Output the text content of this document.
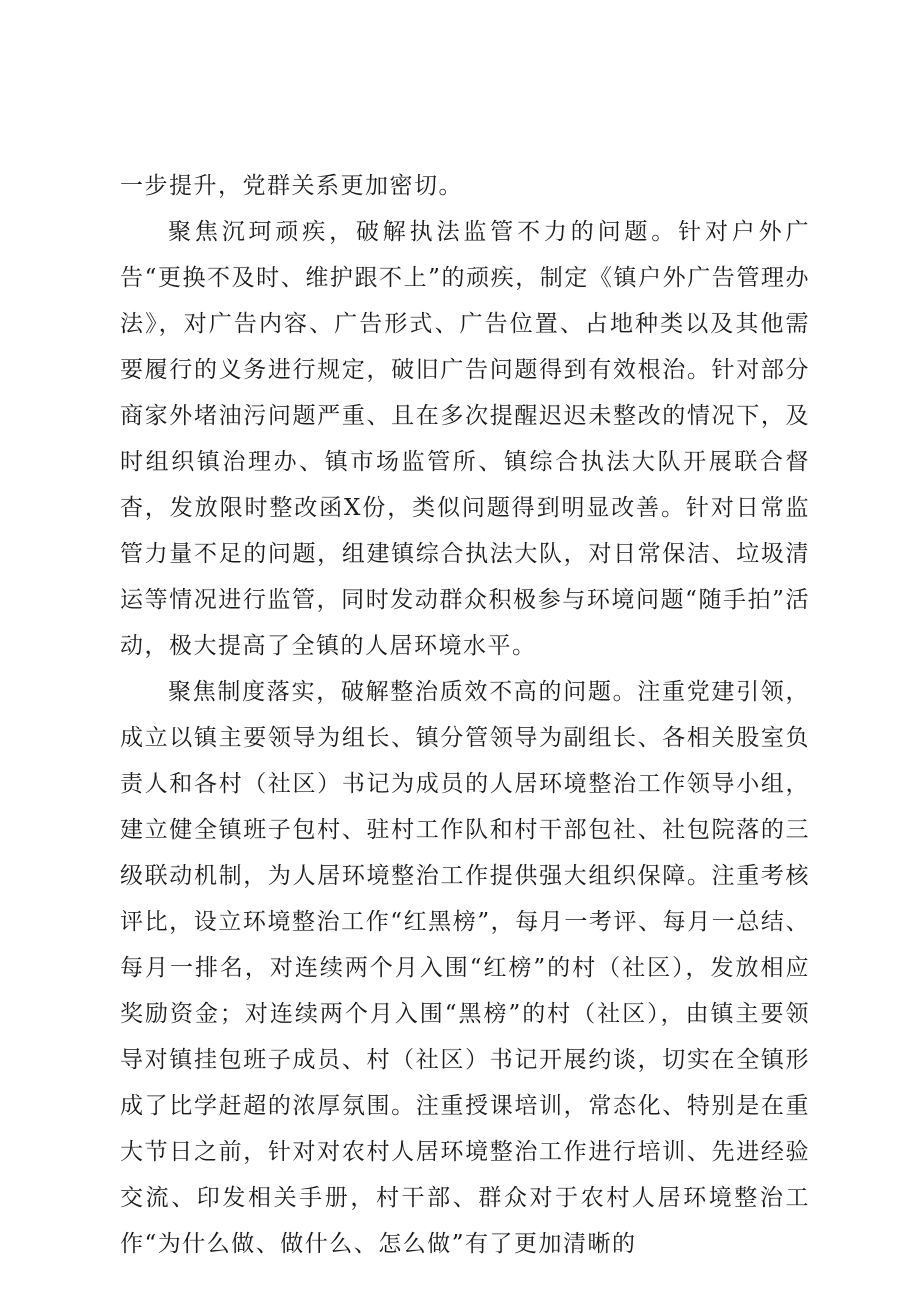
一步提升，党群关系更加密切。

聚焦沉珂顽疾，破解执法监管不力的问题。针对户外广告“更换不及时、维护跟不上”的顽疾，制定《镇户外广告管理办法》，对广告内容、广告形式、广告位置、占地种类以及其他需要履行的义务进行规定，破旧广告问题得到有效根治。针对部分商家外堵油污问题严重、且在多次提醒迟迟未整改的情况下，及时组织镇治理办、镇市场监管所、镇综合执法大队开展联合督杳，发放限时整改函X份，类似问题得到明显改善。针对日常监管力量不足的问题，组建镇综合执法大队，对日常保洁、垃圾清运等情况进行监管，同时发动群众积极参与环境问题“随手拍”活动，极大提高了全镇的人居环境水平。

聚焦制度落实，破解整治质效不高的问题。注重党建引领，成立以镇主要领导为组长、镇分管领导为副组长、各相关股室负责人和各村（社区）书记为成员的人居环境整治工作领导小组，建立健全镇班子包村、驻村工作队和村干部包社、社包院落的三级联动机制，为人居环境整治工作提供强大组织保障。注重考核评比，设立环境整治工作“红黑榜”，每月一考评、每月一总结、每月一排名，对连续两个月入围“红榜”的村（社区），发放相应奖励资金；对连续两个月入围“黑榜”的村（社区），由镇主要领导对镇挂包班子成员、村（社区）书记开展约谈，切实在全镇形成了比学赶超的浓厚氛围。注重授课培训，常态化、特别是在重大节日之前，针对对农村人居环境整治工作进行培训、先进经验交流、印发相关手册，村干部、群众对于农村人居环境整治工作“为什么做、做什么、怎么做”有了更加清晰的
